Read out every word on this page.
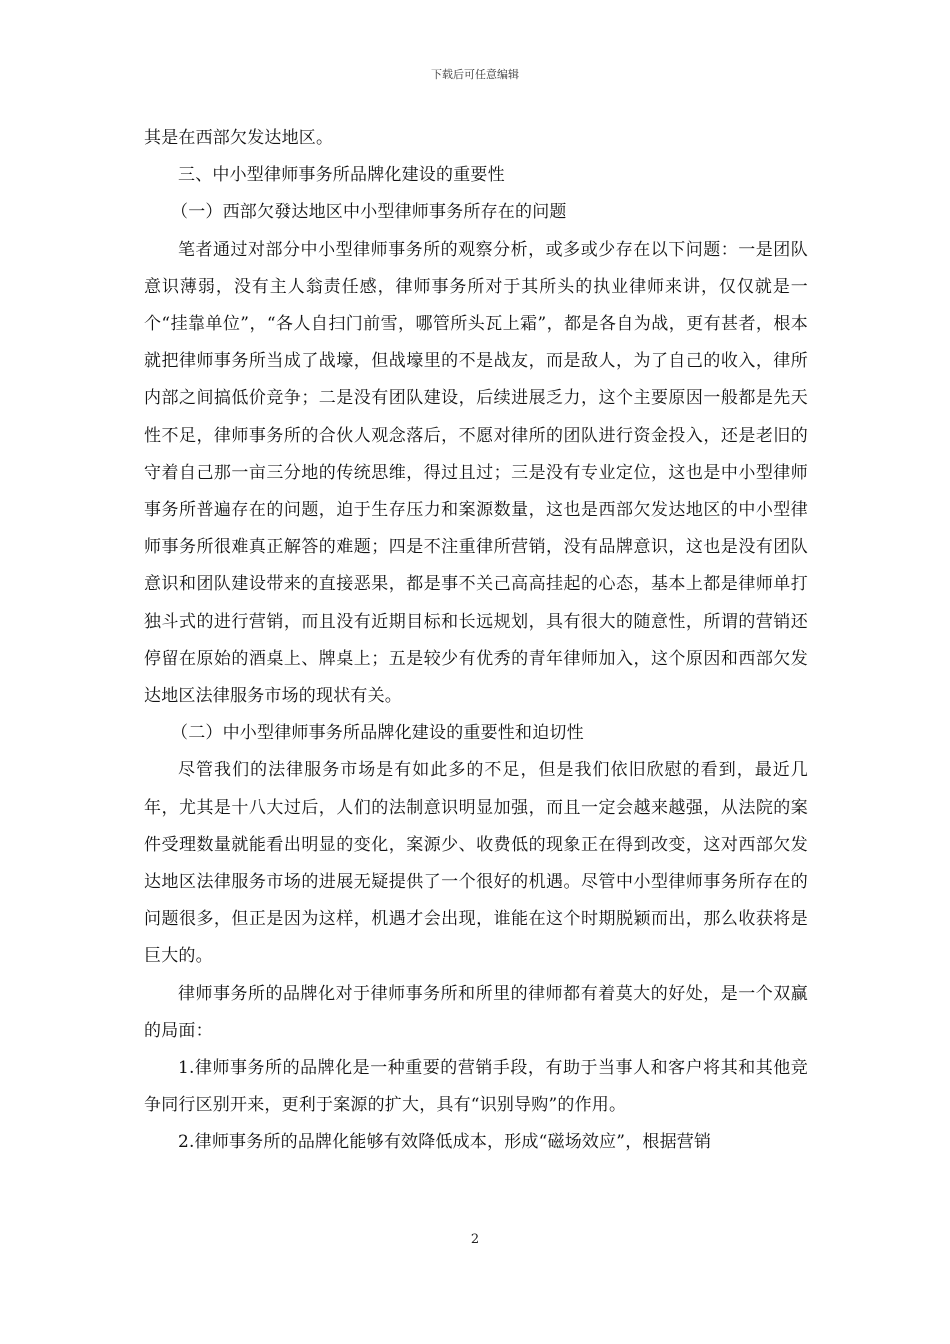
下载后可任意编辑

其是在西部欠发达地区。

三、中小型律师事务所品牌化建设的重要性

（一）西部欠發达地区中小型律师事务所存在的问题

笔者通过对部分中小型律师事务所的观察分析，或多或少存在以下问题：一是团队意识薄弱，没有主人翁责任感，律师事务所对于其所头的执业律师来讲，仅仅就是一个“挂靠单位”，“各人自扫门前雪，哪管所头瓦上霜”，都是各自为战，更有甚者，根本就把律师事务所当成了战壕，但战壕里的不是战友，而是敌人，为了自己的收入，律所内部之间搞低价竞争；二是没有团队建设，后续进展乏力，这个主要原因一般都是先天性不足，律师事务所的合伙人观念落后，不愿对律所的团队进行资金投入，还是老旧的守着自己那一亩三分地的传统思维，得过且过；三是没有专业定位，这也是中小型律师事务所普遍存在的问题，迫于生存压力和案源数量，这也是西部欠发达地区的中小型律师事务所很难真正解答的难题；四是不注重律所营销，没有品牌意识，这也是没有团队意识和团队建设带来的直接恶果，都是事不关己高高挂起的心态，基本上都是律师单打独斗式的进行营销，而且没有近期目标和长远规划，具有很大的随意性，所谓的营销还停留在原始的酒桌上、牌桌上；五是较少有优秀的青年律师加入，这个原因和西部欠发达地区法律服务市场的现状有关。

（二）中小型律师事务所品牌化建设的重要性和迫切性

尽管我们的法律服务市场是有如此多的不足，但是我们依旧欣慰的看到，最近几年，尤其是十八大过后，人们的法制意识明显加强，而且一定会越来越强，从法院的案件受理数量就能看出明显的变化，案源少、收费低的现象正在得到改变，这对西部欠发达地区法律服务市场的进展无疑提供了一个很好的机遇。尽管中小型律师事务所存在的问题很多，但正是因为这样，机遇才会出现，谁能在这个时期脱颖而出，那么收获将是巨大的。

律师事务所的品牌化对于律师事务所和所里的律师都有着莫大的好处，是一个双赢的局面：

1.律师事务所的品牌化是一种重要的营销手段，有助于当事人和客户将其和其他竞争同行区别开来，更利于案源的扩大，具有“识别导购”的作用。

2.律师事务所的品牌化能够有效降低成本，形成“磁场效应”，根据营销

2
